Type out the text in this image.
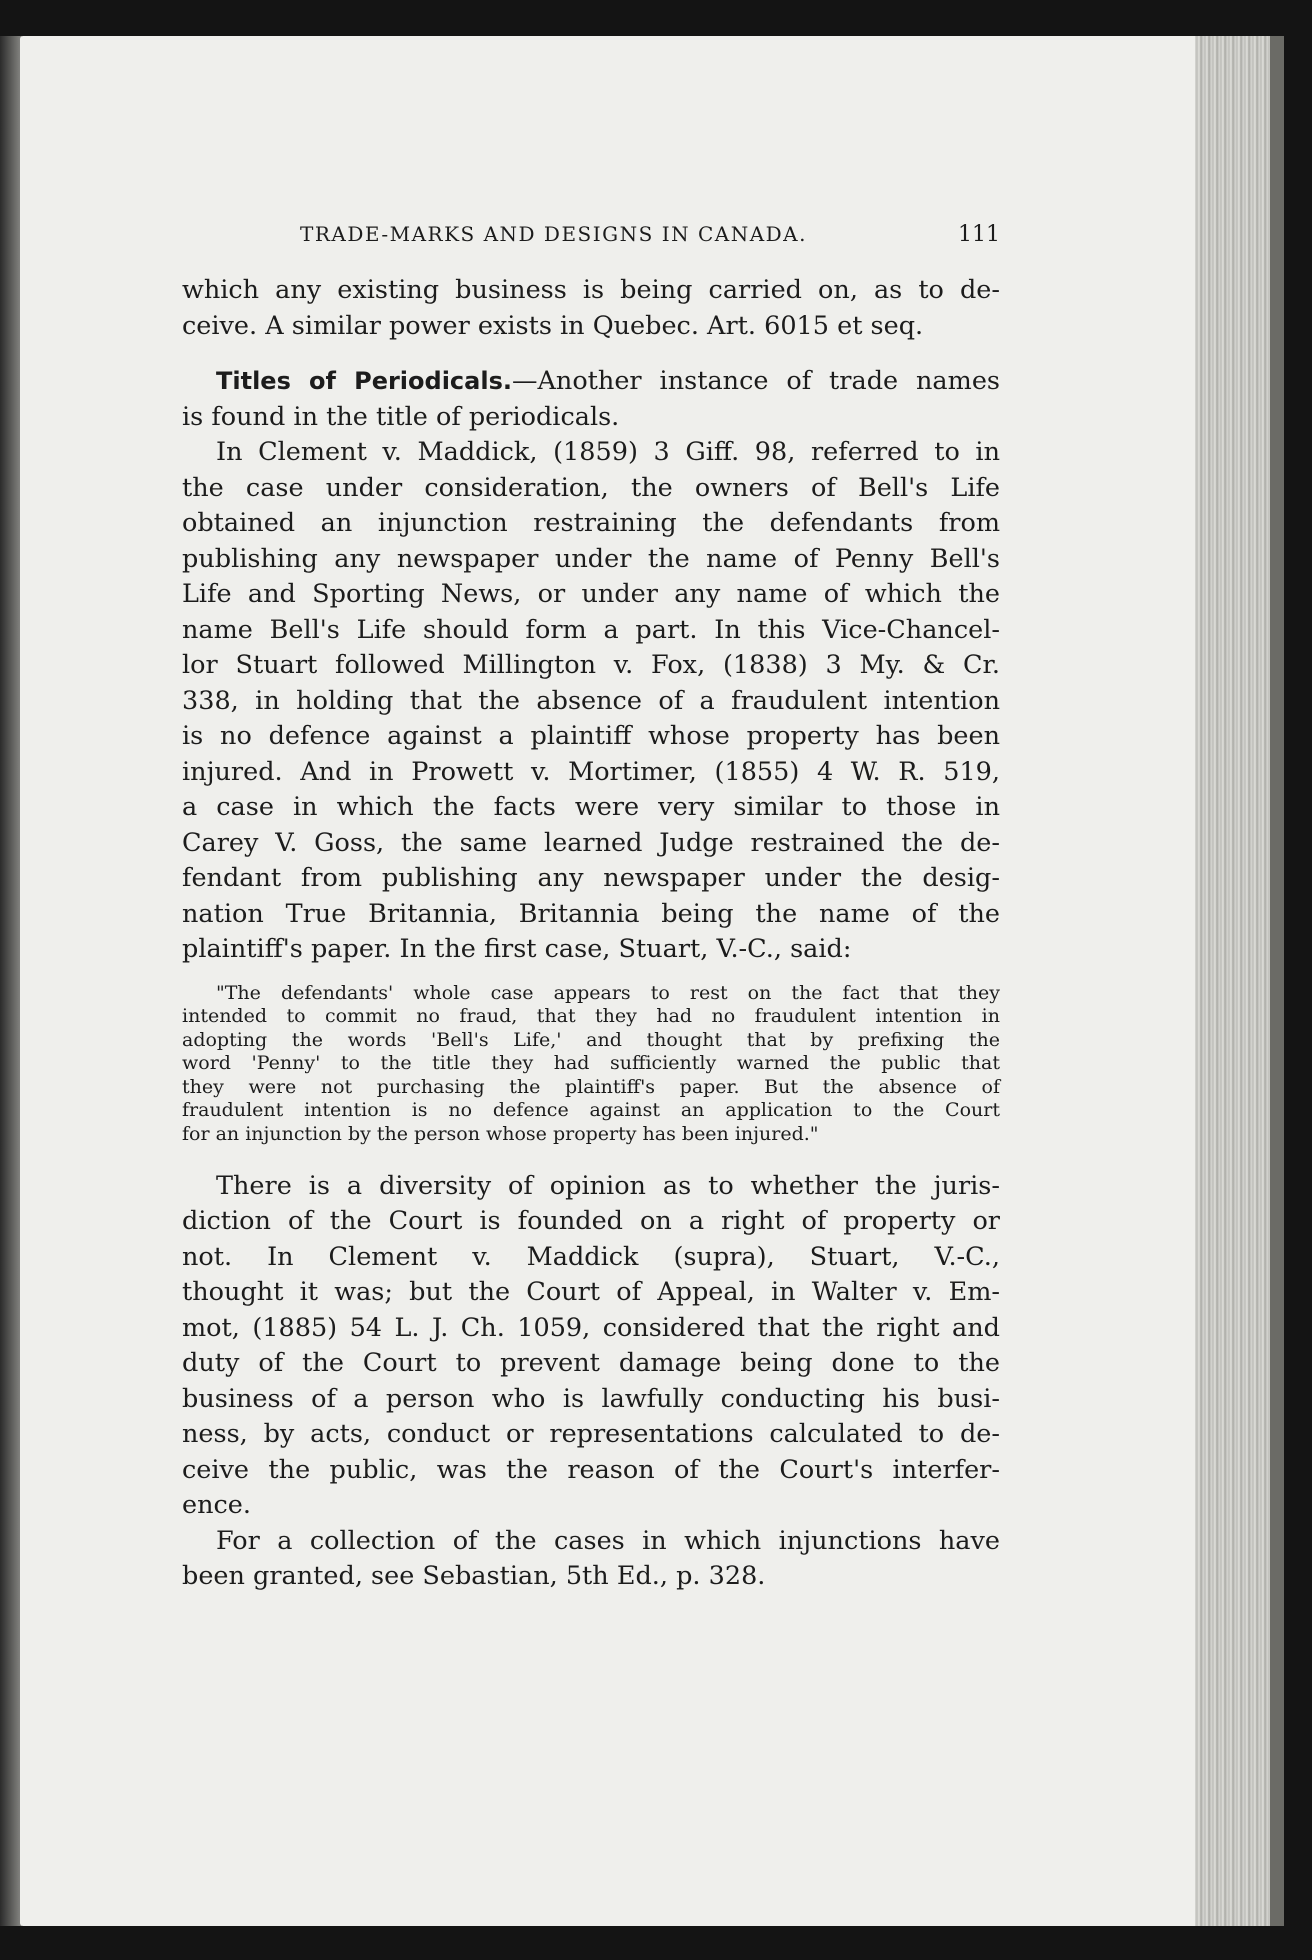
TRADE-MARKS AND DESIGNS IN CANADA.	111

which any existing business is being carried on, as to de-
ceive. A similar power exists in Quebec. Art. 6015 et seq.

Titles of Periodicals.—Another instance of trade names
is found in the title of periodicals.

In Clement v. Maddick, (1859) 3 Giff. 98, referred to in
the case under consideration, the owners of Bell's Life
obtained an injunction restraining the defendants from
publishing any newspaper under the name of Penny Bell's
Life and Sporting News, or under any name of which the
name Bell's Life should form a part. In this Vice-Chancel-
lor Stuart followed Millington v. Fox, (1838) 3 My. & Cr.
338, in holding that the absence of a fraudulent intention
is no defence against a plaintiff whose property has been
injured. And in Prowett v. Mortimer, (1855) 4 W. R. 519,
a case in which the facts were very similar to those in
Carey V. Goss, the same learned Judge restrained the de-
fendant from publishing any newspaper under the desig-
nation True Britannia, Britannia being the name of the
plaintiff's paper. In the first case, Stuart, V.-C., said:

"The defendants' whole case appears to rest on the fact that they
intended to commit no fraud, that they had no fraudulent intention in
adopting the words 'Bell's Life,' and thought that by prefixing the
word 'Penny' to the title they had sufficiently warned the public that
they were not purchasing the plaintiff's paper. But the absence of
fraudulent intention is no defence against an application to the Court
for an injunction by the person whose property has been injured."

There is a diversity of opinion as to whether the juris-
diction of the Court is founded on a right of property or
not. In Clement v. Maddick (supra), Stuart, V.-C.,
thought it was; but the Court of Appeal, in Walter v. Em-
mot, (1885) 54 L. J. Ch. 1059, considered that the right and
duty of the Court to prevent damage being done to the
business of a person who is lawfully conducting his busi-
ness, by acts, conduct or representations calculated to de-
ceive the public, was the reason of the Court's interfer-
ence.

For a collection of the cases in which injunctions have
been granted, see Sebastian, 5th Ed., p. 328.
